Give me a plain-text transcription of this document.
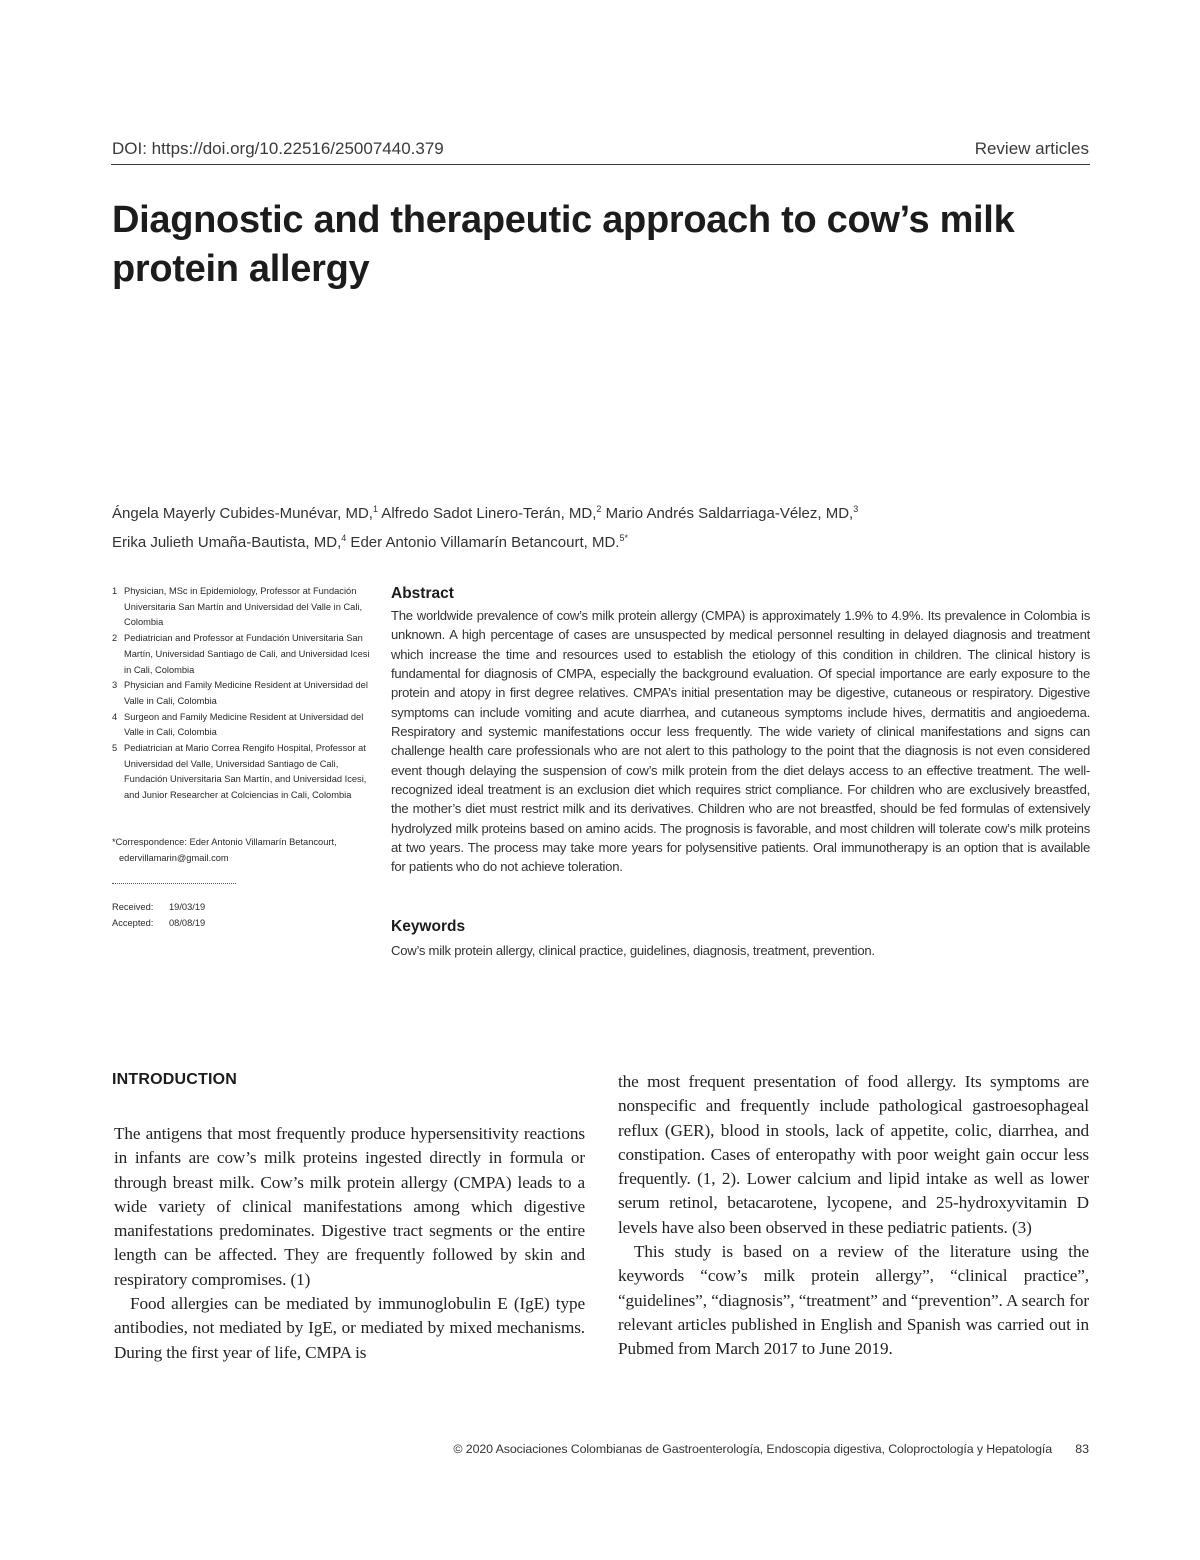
DOI: https://doi.org/10.22516/25007440.379	Review articles
Diagnostic and therapeutic approach to cow’s milk protein allergy
Ángela Mayerly Cubides-Munévar, MD,$^1$ Alfredo Sadot Linero-Terán, MD,$^2$ Mario Andrés Saldarriaga-Vélez, MD,$^3$
Erika Julieth Umaña-Bautista, MD,$^4$ Eder Antonio Villamarín Betancourt, MD.$^{5*}$
1 Physician, MSc in Epidemiology, Professor at Fundación Universitaria San Martín and Universidad del Valle in Cali, Colombia
2 Pediatrician and Professor at Fundación Universitaria San Martín, Universidad Santiago de Cali, and Universidad Icesi in Cali, Colombia
3 Physician and Family Medicine Resident at Universidad del Valle in Cali, Colombia
4 Surgeon and Family Medicine Resident at Universidad del Valle in Cali, Colombia
5 Pediatrician at Mario Correa Rengifo Hospital, Professor at Universidad del Valle, Universidad Santiago de Cali, Fundación Universitaria San Martín, and Universidad Icesi, and Junior Researcher at Colciencias in Cali, Colombia
*Correspondence: Eder Antonio Villamarín Betancourt,
edervillamarin@gmail.com
Received: 19/03/19
Accepted: 08/08/19
Abstract
The worldwide prevalence of cow’s milk protein allergy (CMPA) is approximately 1.9% to 4.9%. Its prevalence in Colombia is unknown. A high percentage of cases are unsuspected by medical personnel resulting in delayed diagnosis and treatment which increase the time and resources used to establish the etiology of this condition in children. The clinical history is fundamental for diagnosis of CMPA, especially the background evaluation. Of special importance are early exposure to the protein and atopy in first degree relatives. CMPA’s initial presentation may be digestive, cutaneous or respiratory. Digestive symptoms can include vomiting and acute diarrhea, and cutaneous symptoms include hives, dermatitis and angioedema. Respiratory and systemic manifestations occur less frequently. The wide variety of clinical manifestations and signs can challenge health care professionals who are not alert to this pathology to the point that the diagnosis is not even considered event though delaying the suspension of cow’s milk protein from the diet delays access to an effective treatment. The well-recognized ideal treatment is an exclusion diet which requires strict compliance. For children who are exclusively breastfed, the mother’s diet must restrict milk and its derivatives. Children who are not breastfed, should be fed formulas of extensively hydrolyzed milk proteins based on amino acids. The prognosis is favorable, and most children will tolerate cow’s milk proteins at two years. The process may take more years for polysensitive patients. Oral immunotherapy is an option that is available for patients who do not achieve toleration.
Keywords
Cow’s milk protein allergy, clinical practice, guidelines, diagnosis, treatment, prevention.
INTRODUCTION

The antigens that most frequently produce hypersensitivity reactions in infants are cow’s milk proteins ingested directly in formula or through breast milk. Cow’s milk protein allergy (CMPA) leads to a wide variety of clinical manifestations among which digestive manifestations predominates. Digestive tract segments or the entire length can be affected. They are frequently followed by skin and respiratory compromises. (1)

Food allergies can be mediated by immunoglobulin E (IgE) type antibodies, not mediated by IgE, or mediated by mixed mechanisms. During the first year of life, CMPA is

the most frequent presentation of food allergy. Its symptoms are nonspecific and frequently include pathological gastroesophageal reflux (GER), blood in stools, lack of appetite, colic, diarrhea, and constipation. Cases of enteropathy with poor weight gain occur less frequently. (1, 2). Lower calcium and lipid intake as well as lower serum retinol, betacarotene, lycopene, and 25-hydroxyvitamin D levels have also been observed in these pediatric patients. (3)

This study is based on a review of the literature using the keywords “cow’s milk protein allergy”, “clinical practice”, “guidelines”, “diagnosis”, “treatment” and “prevention”. A search for relevant articles published in English and Spanish was carried out in Pubmed from March 2017 to June 2019.

© 2020 Asociaciones Colombianas de Gastroenterología, Endoscopia digestiva, Coloproctología y Hepatología 83
